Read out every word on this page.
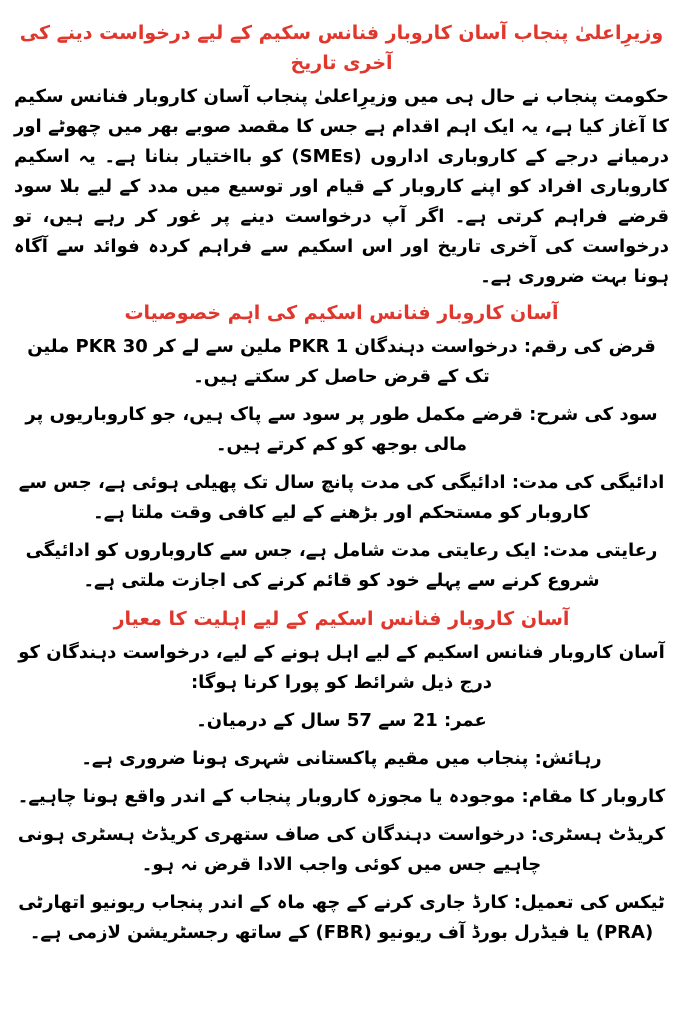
وزیرِاعلیٰ پنجاب آسان کاروبار فنانس سکیم کے لیے درخواست دینے کی آخری تاریخ

حکومت پنجاب نے حال ہی میں وزیرِاعلیٰ پنجاب آسان کاروبار فنانس سکیم کا آغاز کیا ہے، یہ ایک اہم اقدام ہے جس کا مقصد صوبے بھر میں چھوٹے اور درمیانے درجے کے کاروباری اداروں (SMEs) کو بااختیار بنانا ہے۔ یہ اسکیم کاروباری افراد کو اپنے کاروبار کے قیام اور توسیع میں مدد کے لیے بلا سود قرضے فراہم کرتی ہے۔ اگر آپ درخواست دینے پر غور کر رہے ہیں، تو درخواست کی آخری تاریخ اور اس اسکیم سے فراہم کردہ فوائد سے آگاہ ہونا بہت ضروری ہے۔

آسان کاروبار فنانس اسکیم کی اہم خصوصیات

قرض کی رقم: درخواست دہندگان PKR 1 ملین سے لے کر PKR 30 ملین تک کے قرض حاصل کر سکتے ہیں۔

سود کی شرح: قرضے مکمل طور پر سود سے پاک ہیں، جو کاروباریوں پر مالی بوجھ کو کم کرتے ہیں۔

ادائیگی کی مدت: ادائیگی کی مدت پانچ سال تک پھیلی ہوئی ہے، جس سے کاروبار کو مستحکم اور بڑھنے کے لیے کافی وقت ملتا ہے۔

رعایتی مدت: ایک رعایتی مدت شامل ہے، جس سے کاروباروں کو ادائیگی شروع کرنے سے پہلے خود کو قائم کرنے کی اجازت ملتی ہے۔

آسان کاروبار فنانس اسکیم کے لیے اہلیت کا معیار

آسان کاروبار فنانس اسکیم کے لیے اہل ہونے کے لیے، درخواست دہندگان کو درج ذیل شرائط کو پورا کرنا ہوگا:

عمر: 21 سے 57 سال کے درمیان۔

رہائش: پنجاب میں مقیم پاکستانی شہری ہونا ضروری ہے۔

کاروبار کا مقام: موجودہ یا مجوزہ کاروبار پنجاب کے اندر واقع ہونا چاہیے۔

کریڈٹ ہسٹری: درخواست دہندگان کی صاف ستھری کریڈٹ ہسٹری ہونی چاہیے جس میں کوئی واجب الادا قرض نہ ہو۔

ٹیکس کی تعمیل: کارڈ جاری کرنے کے چھ ماہ کے اندر پنجاب ریونیو اتھارٹی (PRA) یا فیڈرل بورڈ آف ریونیو (FBR) کے ساتھ رجسٹریشن لازمی ہے۔
